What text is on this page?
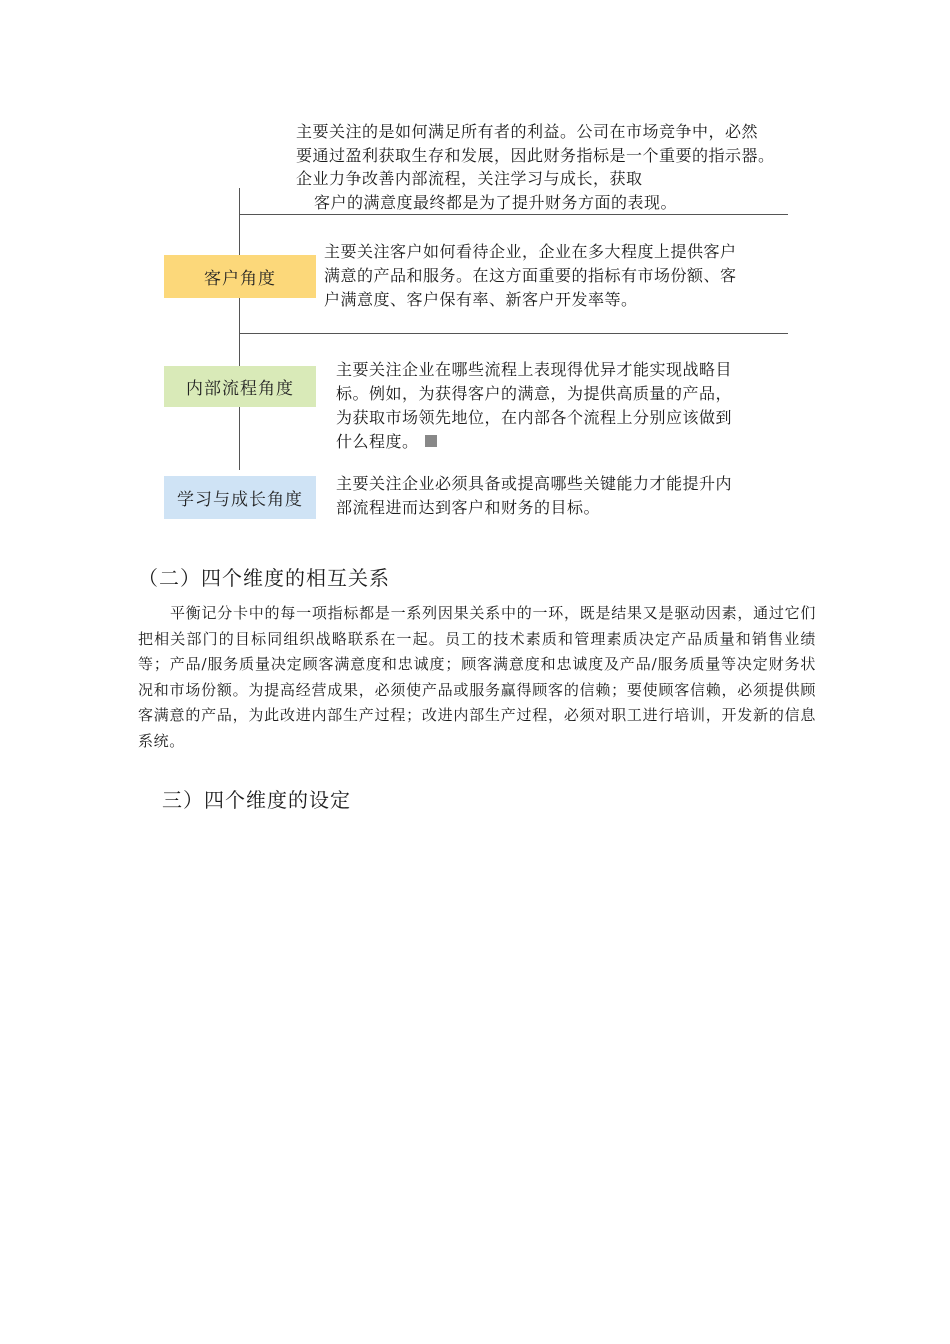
主要关注的是如何满足所有者的利益。公司在市场竞争中，必然

要通过盈利获取生存和发展，因此财务指标是一个重要的指示器。

企业力争改善内部流程，关注学习与成长，获取

客户的满意度最终都是为了提升财务方面的表现。

客户角度

主要关注客户如何看待企业，企业在多大程度上提供客户

满意的产品和服务。在这方面重要的指标有市场份额、客

户满意度、客户保有率、新客户开发率等。

内部流程角度

主要关注企业在哪些流程上表现得优异才能实现战略目

标。例如，为获得客户的满意，为提供高质量的产品，

为获取市场领先地位，在内部各个流程上分别应该做到

什么程度。

学习与成长角度

主要关注企业必须具备或提高哪些关键能力才能提升内

部流程进而达到客户和财务的目标。

（二）四个维度的相互关系
平衡记分卡中的每一项指标都是一系列因果关系中的一环，既是结果又是驱动因素，通过它们把相关部门的目标同组织战略联系在一起。员工的技术素质和管理素质决定产品质量和销售业绩等；产品/服务质量决定顾客满意度和忠诚度；顾客满意度和忠诚度及产品/服务质量等决定财务状况和市场份额。为提高经营成果，必须使产品或服务赢得顾客的信赖；要使顾客信赖，必须提供顾客满意的产品，为此改进内部生产过程；改进内部生产过程，必须对职工进行培训，开发新的信息系统。
三）四个维度的设定
